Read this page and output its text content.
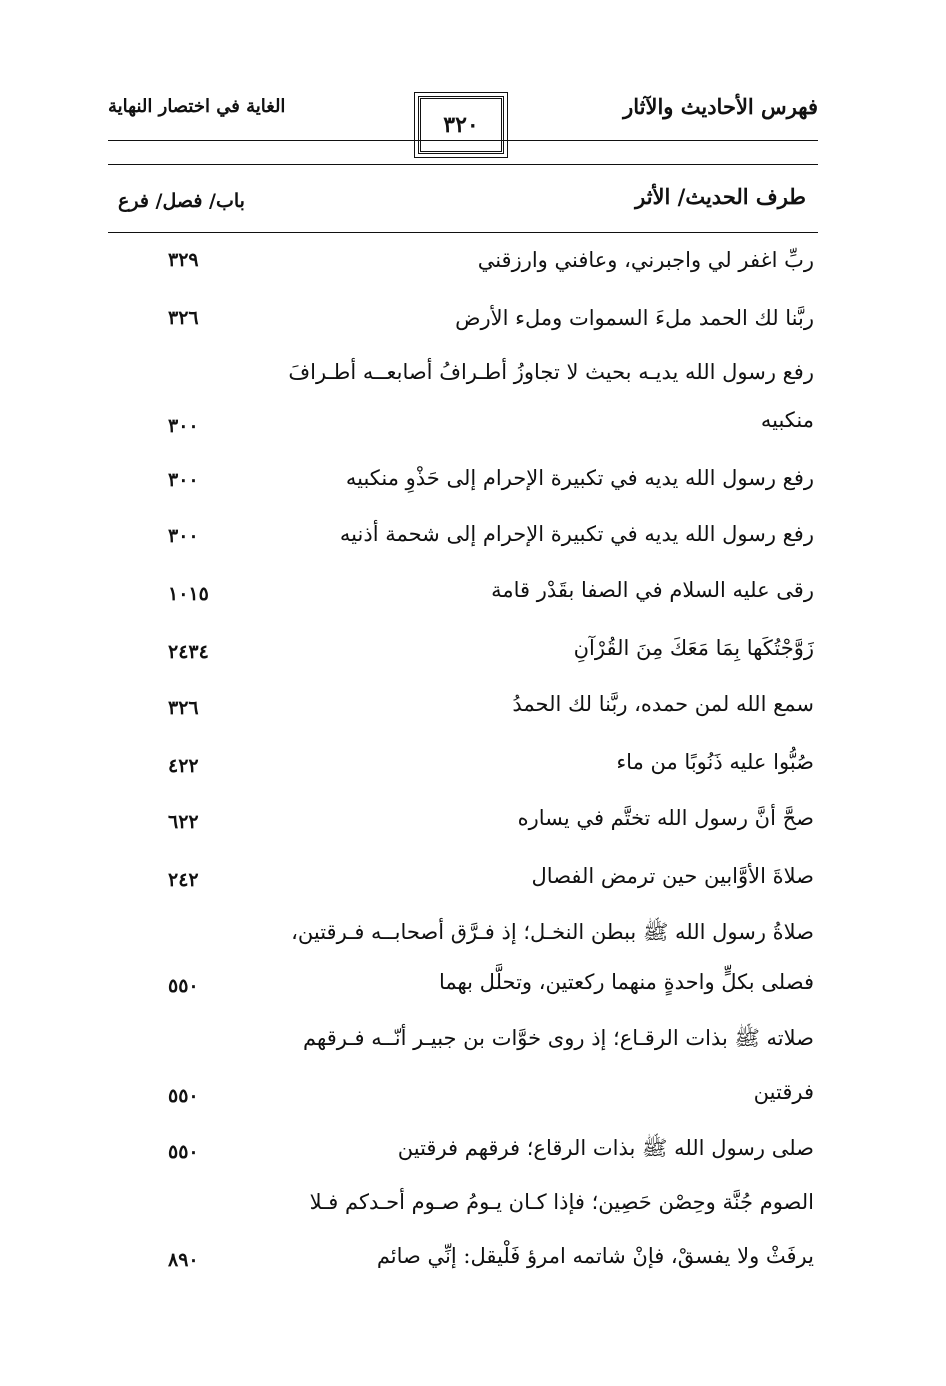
فهرس الأحاديث والآثار
٣٢٠
الغاية في اختصار النهاية
طرف الحديث/ الأثر
باب/ فصل/ فرع
ربِّ اغفر لي واجبرني، وعافني وارزقني
٣٢٩
ربَّنا لك الحمد ملءَ السموات وملء الأرض
٣٢٦
رفع رسول الله يديـه بحيث لا تجاوزُ أطـرافُ أصابعــه أطـرافَ
منكبيه
٣٠٠
رفع رسول الله يديه في تكبيرة الإحرام إلى حَذْوِ منكبيه
٣٠٠
رفع رسول الله يديه في تكبيرة الإحرام إلى شحمة أذنيه
٣٠٠
رقى عليه السلام في الصفا بقَدْر قامة
١٠١٥
زَوَّجْتُكَها بِمَا مَعَكَ مِنَ القُرْآنِ
٢٤٣٤
سمع الله لمن حمده، ربَّنا لك الحمدُ
٣٢٦
صُبُّوا عليه ذَنُوبًا من ماء
٤٢٢
صحَّ أنَّ رسول الله تختَّم في يساره
٦٢٢
صلاةَ الأوَّابين حين ترمض الفصال
٢٤٢
صلاةُ رسول الله ﷺ ببطن النخـل؛ إذ فـرَّق أصحابــه فـرقتين،
فصلى بكلٍّ واحدةٍ منهما ركعتين، وتحلَّل بهما
٥٥٠
صلاته ﷺ بذات الرقـاع؛ إذ روى خوَّات بن جبيـر أنّــه فـرقهم
فرقتين
٥٥٠
صلى رسول الله ﷺ بذات الرقاع؛ فرقهم فرقتين
٥٥٠
الصوم جُنَّة وحِصْن حَصِين؛ فإذا كـان يـومُ صـوم أحـدكم فـلا
يرفَثْ ولا يفسقْ، فإنْ شاتمه امرؤ فَلْيقل: إنِّي صائم
٨٩٠
